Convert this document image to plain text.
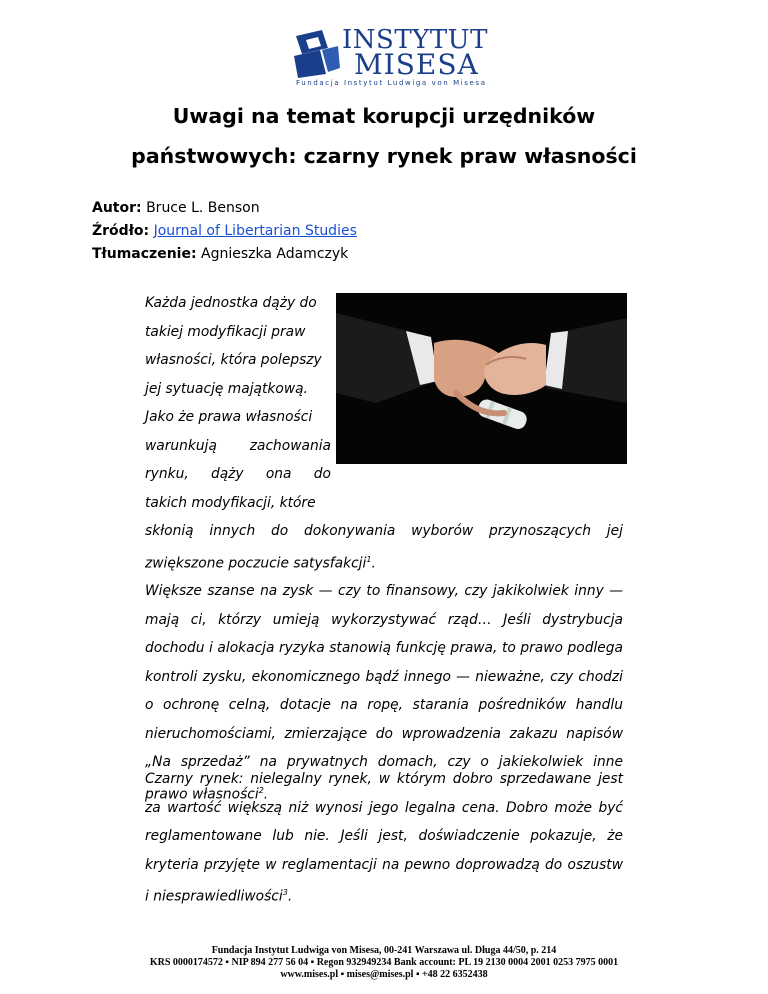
INSTYTUT
MISESA
Fundacja Instytut Ludwiga von Misesa
Uwagi na temat korupcji urzędników
państwowych: czarny rynek praw własności
Autor: Bruce L. Benson
Źródło: Journal of Libertarian Studies
Tłumaczenie: Agnieszka Adamczyk
Każda jednostka dąży do
takiej modyfikacji praw
własności, która polepszy
jej sytuację majątkową.
Jako że prawa własności
warunkują zachowania
rynku, dąży ona do
takich modyfikacji, które
skłonią innych do dokonywania wyborów przynoszących jej
zwiększone poczucie satysfakcji$^1$.
Większe szanse na zysk — czy to finansowy, czy jakikolwiek inny — mają ci, którzy umieją wykorzystywać rząd… Jeśli dystrybucja dochodu i alokacja ryzyka stanowią funkcję prawa, to prawo podlega kontroli zysku, ekonomicznego bądź innego — nieważne, czy chodzi o ochronę celną, dotacje na ropę, starania pośredników handlu nieruchomościami, zmierzające do wprowadzenia zakazu napisów „Na sprzedaż” na prywatnych domach, czy o jakiekolwiek inne prawo własności$^2$.
Czarny rynek: nielegalny rynek, w którym dobro sprzedawane jest za wartość większą niż wynosi jego legalna cena. Dobro może być reglamentowane lub nie. Jeśli jest, doświadczenie pokazuje, że kryteria przyjęte w reglamentacji na pewno doprowadzą do oszustw i niesprawiedliwości$^3$.
Fundacja Instytut Ludwiga von Misesa, 00-241 Warszawa ul. Długa 44/50, p. 214
KRS 0000174572 ▪ NIP 894 277 56 04 ▪ Regon 932949234 Bank account: PL 19 2130 0004 2001 0253 7975 0001
www.mises.pl ▪ mises@mises.pl ▪ +48 22 6352438
